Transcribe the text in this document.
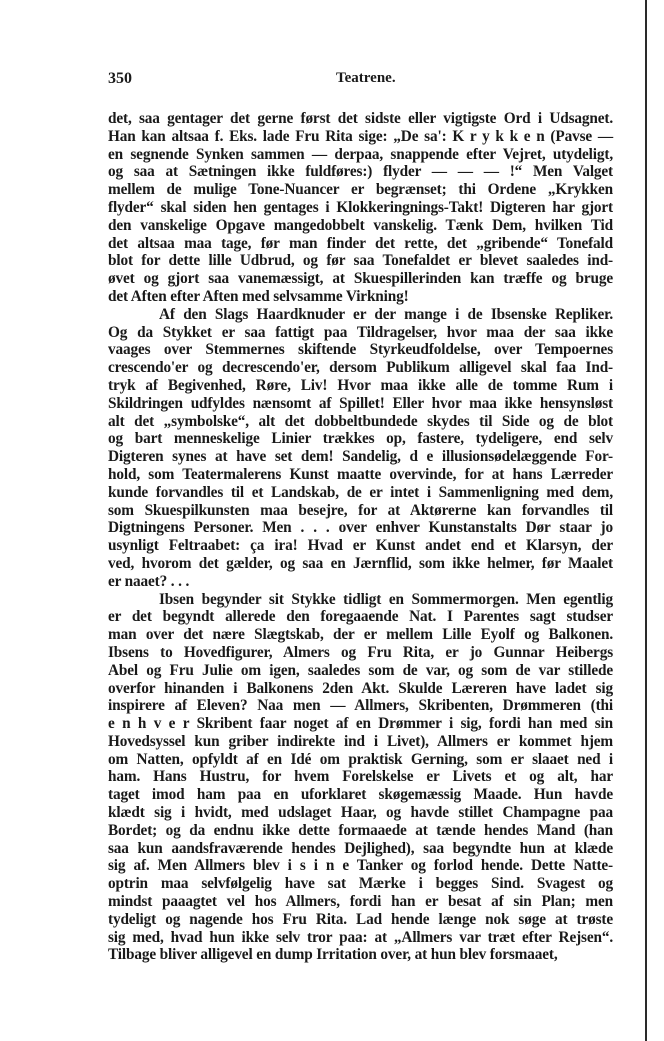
350	Teatrene.
det, saa gentager det gerne først det sidste eller vigtigste Ord i Udsagnet.
Han kan altsaa f. Eks. lade Fru Rita sige: „De sa': K r y k k e n (Pavse —
en segnende Synken sammen — derpaa, snappende efter Vejret, utydeligt,
og saa at Sætningen ikke fuldføres:) flyder — — — !“ Men Valget
mellem de mulige Tone-Nuancer er begrænset; thi Ordene „Krykken
flyder“ skal siden hen gentages i Klokkeringnings-Takt! Digteren har gjort
den vanskelige Opgave mangedobbelt vanskelig. Tænk Dem, hvilken Tid
det altsaa maa tage, før man finder det rette, det „gribende“ Tonefald
blot for dette lille Udbrud, og før saa Tonefaldet er blevet saaledes ind-
øvet og gjort saa vanemæssigt, at Skuespillerinden kan træffe og bruge
det Aften efter Aften med selvsamme Virkning!
Af den Slags Haardknuder er der mange i de Ibsenske Repliker.
Og da Stykket er saa fattigt paa Tildragelser, hvor maa der saa ikke
vaages over Stemmernes skiftende Styrkeudfoldelse, over Tempoernes
crescendo'er og decrescendo'er, dersom Publikum alligevel skal faa Ind-
tryk af Begivenhed, Røre, Liv! Hvor maa ikke alle de tomme Rum i
Skildringen udfyldes nænsomt af Spillet! Eller hvor maa ikke hensynsløst
alt det „symbolske“, alt det dobbeltbundede skydes til Side og de blot
og bart menneskelige Linier trækkes op, fastere, tydeligere, end selv
Digteren synes at have set dem! Sandelig, d e illusionsødelæggende For-
hold, som Teatermalerens Kunst maatte overvinde, for at hans Lærreder
kunde forvandles til et Landskab, de er intet i Sammenligning med dem,
som Skuespilkunsten maa besejre, for at Aktørerne kan forvandles til
Digtningens Personer. Men . . . over enhver Kunstanstalts Dør staar jo
usynligt Feltraabet: ça ira! Hvad er Kunst andet end et Klarsyn, der
ved, hvorom det gælder, og saa en Jærnflid, som ikke helmer, før Maalet
er naaet? . . .
Ibsen begynder sit Stykke tidligt en Sommermorgen. Men egentlig
er det begyndt allerede den foregaaende Nat. I Parentes sagt studser
man over det nære Slægtskab, der er mellem Lille Eyolf og Balkonen.
Ibsens to Hovedfigurer, Almers og Fru Rita, er jo Gunnar Heibergs
Abel og Fru Julie om igen, saaledes som de var, og som de var stillede
overfor hinanden i Balkonens 2den Akt. Skulde Læreren have ladet sig
inspirere af Eleven? Naa men — Allmers, Skribenten, Drømmeren (thi
e n h v e r Skribent faar noget af en Drømmer i sig, fordi han med sin
Hovedsyssel kun griber indirekte ind i Livet), Allmers er kommet hjem
om Natten, opfyldt af en Idé om praktisk Gerning, som er slaaet ned i
ham. Hans Hustru, for hvem Forelskelse er Livets et og alt, har
taget imod ham paa en uforklaret skøgemæssig Maade. Hun havde
klædt sig i hvidt, med udslaget Haar, og havde stillet Champagne paa
Bordet; og da endnu ikke dette formaaede at tænde hendes Mand (han
saa kun aandsfraværende hendes Dejlighed), saa begyndte hun at klæde
sig af. Men Allmers blev i s i n e Tanker og forlod hende. Dette Natte-
optrin maa selvfølgelig have sat Mærke i begges Sind. Svagest og
mindst paaagtet vel hos Allmers, fordi han er besat af sin Plan; men
tydeligt og nagende hos Fru Rita. Lad hende længe nok søge at trøste
sig med, hvad hun ikke selv tror paa: at „Allmers var træt efter Rejsen“.
Tilbage bliver alligevel en dump Irritation over, at hun blev forsmaaet,
